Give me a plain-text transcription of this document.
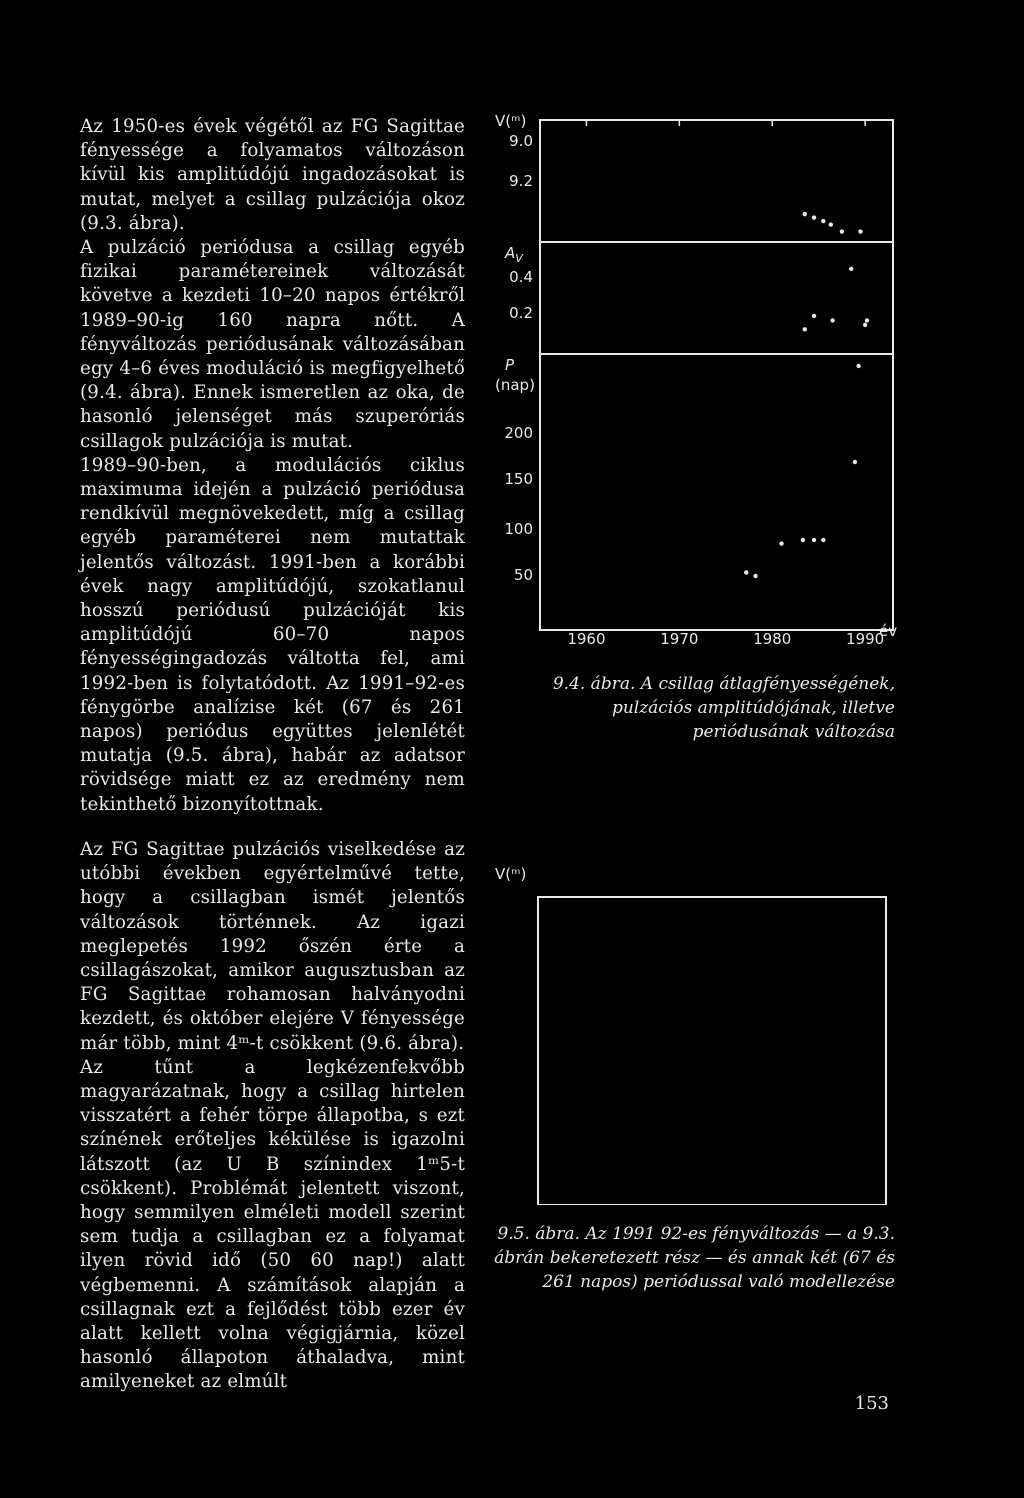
Az 1950-es évek végétől az FG Sagittae fényessége a folyamatos változáson kívül kis amplitúdójú ingadozásokat is mutat, melyet a csillag pulzációja okoz (9.3. ábra).

A pulzáció periódusa a csillag egyéb fizikai paramétereinek változását követve a kezdeti 10–20 napos értékről 1989–90-ig 160 napra nőtt. A fényváltozás periódusának változásában egy 4–6 éves moduláció is megfigyelhető (9.4. ábra). Ennek ismeretlen az oka, de hasonló jelenséget más szuperóriás csillagok pulzációja is mutat.

1989–90-ben, a modulációs ciklus maximuma idején a pulzáció periódusa rendkívül megnövekedett, míg a csillag egyéb paraméterei nem mutattak jelentős változást. 1991-ben a korábbi évek nagy amplitúdójú, szokatlanul hosszú periódusú pulzációját kis amplitúdójú 60–70 napos fényességingadozás váltotta fel, ami 1992-ben is folytatódott. Az 1991–92-es fénygörbe analízise két (67 és 261 napos) periódus együttes jelenlétét mutatja (9.5. ábra), habár az adatsor rövidsége miatt ez az eredmény nem tekinthető bizonyítottnak.

Az FG Sagittae pulzációs viselkedése az utóbbi években egyértelművé tette, hogy a csillagban ismét jelentős változások történnek. Az igazi meglepetés 1992 őszén érte a csillagászokat, amikor augusztusban az FG Sagittae rohamosan halványodni kezdett, és október elejére V fényessége már több, mint 4ᵐ-t csökkent (9.6. ábra).

Az tűnt a legkézenfekvőbb magyarázatnak, hogy a csillag hirtelen visszatért a fehér törpe állapotba, s ezt színének erőteljes kékülése is igazolni látszott (az U B színindex 1ᵐ5-t csökkent). Problémát jelentett viszont, hogy semmilyen elméleti modell szerint sem tudja a csillagban ez a folyamat ilyen rövid idő (50 60 nap!) alatt végbemenni. A számítások alapján a csillagnak ezt a fejlődést több ezer év alatt kellett volna végigjárnia, közel hasonló állapoton áthaladva, mint amilyeneket az elmúlt

9.0
9.2
0.4
0.2
200
150
100
50
1960	1970	1980	1990
V(ᵐ)
$A_V$
P
(nap)
év
9.4. ábra. A csillag átlagfényességének, pulzációs amplitúdójának, illetve periódusának változása
V(ᵐ)
9.5. ábra. Az 1991 92-es fényváltozás — a 9.3. ábrán bekeretezett rész — és annak két (67 és 261 napos) periódussal való modellezése
153
